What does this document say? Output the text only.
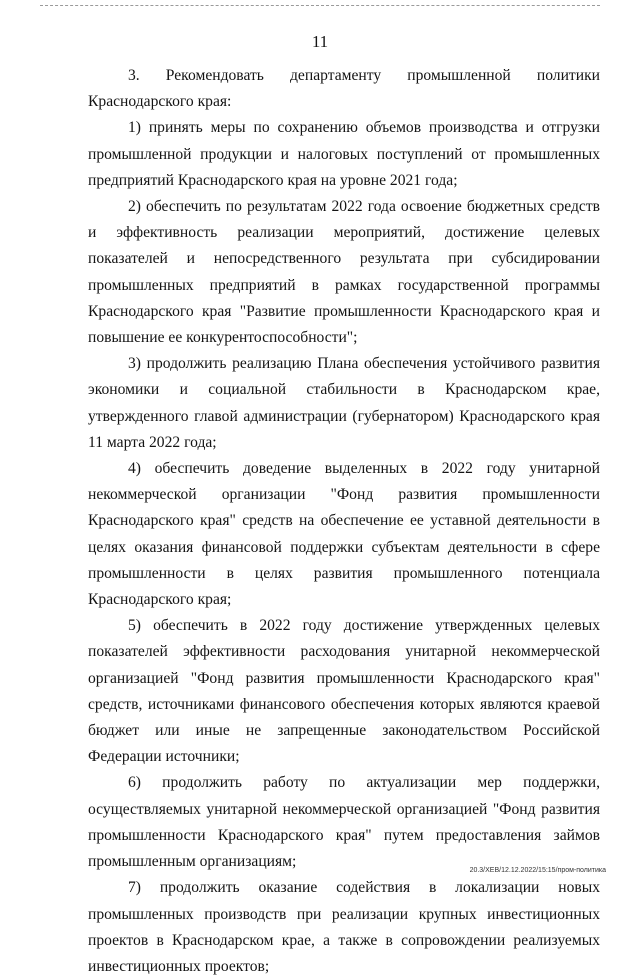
11

3. Рекомендовать департаменту промышленной политики Краснодарского края:

1) принять меры по сохранению объемов производства и отгрузки промышленной продукции и налоговых поступлений от промышленных предприятий Краснодарского края на уровне 2021 года;

2) обеспечить по результатам 2022 года освоение бюджетных средств и эффективность реализации мероприятий, достижение целевых показателей и непосредственного результата при субсидировании промышленных предприятий в рамках государственной программы Краснодарского края "Развитие промышленности Краснодарского края и повышение ее конкурентоспособности";

3) продолжить реализацию Плана обеспечения устойчивого развития экономики и социальной стабильности в Краснодарском крае, утвержденного главой администрации (губернатором) Краснодарского края 11 марта 2022 года;

4) обеспечить доведение выделенных в 2022 году унитарной некоммерческой организации "Фонд развития промышленности Краснодарского края" средств на обеспечение ее уставной деятельности в целях оказания финансовой поддержки субъектам деятельности в сфере промышленности в целях развития промышленного потенциала Краснодарского края;

5) обеспечить в 2022 году достижение утвержденных целевых показателей эффективности расходования унитарной некоммерческой организацией "Фонд развития промышленности Краснодарского края" средств, источниками финансового обеспечения которых являются краевой бюджет или иные не запрещенные законодательством Российской Федерации источники;

6) продолжить работу по актуализации мер поддержки, осуществляемых унитарной некоммерческой организацией "Фонд развития промышленности Краснодарского края" путем предоставления займов промышленным организациям;

7) продолжить оказание содействия в локализации новых промышленных производств при реализации крупных инвестиционных проектов в Краснодарском крае, а также в сопровождении реализуемых инвестиционных проектов;

20.3/ХЕВ/12.12.2022/15:15/пром-политика
